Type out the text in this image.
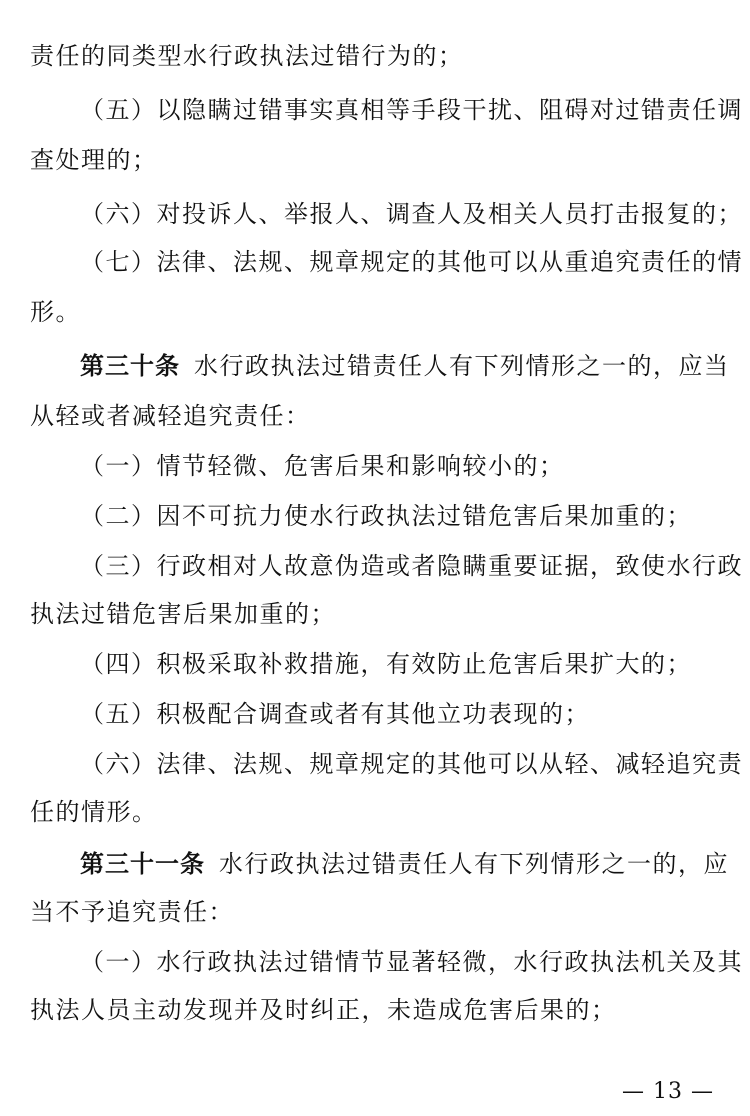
责任的同类型水行政执法过错行为的；
（五）以隐瞒过错事实真相等手段干扰、阻碍对过错责任调
查处理的；
（六）对投诉人、举报人、调查人及相关人员打击报复的；
（七）法律、法规、规章规定的其他可以从重追究责任的情
形。
第三十条 水行政执法过错责任人有下列情形之一的，应当
从轻或者减轻追究责任：
（一）情节轻微、危害后果和影响较小的；
（二）因不可抗力使水行政执法过错危害后果加重的；
（三）行政相对人故意伪造或者隐瞒重要证据，致使水行政
执法过错危害后果加重的；
（四）积极采取补救措施，有效防止危害后果扩大的；
（五）积极配合调查或者有其他立功表现的；
（六）法律、法规、规章规定的其他可以从轻、减轻追究责
任的情形。
第三十一条 水行政执法过错责任人有下列情形之一的，应
当不予追究责任：
（一）水行政执法过错情节显著轻微，水行政执法机关及其
执法人员主动发现并及时纠正，未造成危害后果的；
— 13 —
